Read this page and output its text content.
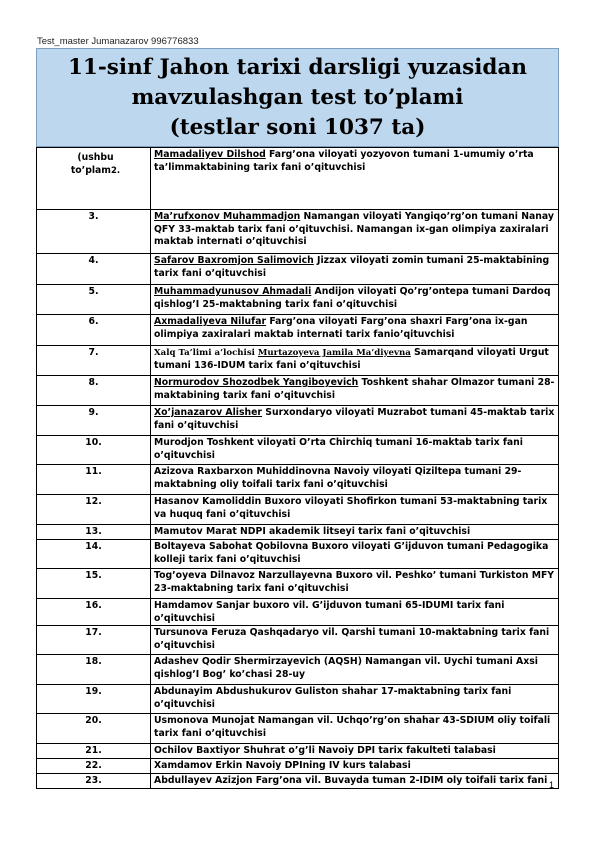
Test_master Jumanazarov 996776833
11-sinf Jahon tarixi darsligi yuzasidan
mavzulashgan test to’plami
(testlar soni 1037 ta)
(ushbu
to’plam2.	Mamadaliyev Dilshod Farg’ona viloyati yozyovon tumani 1-umumiy o’rta ta’limmaktabining tarix fani o’qituvchisi
3.	Ma’rufxonov Muhammadjon Namangan viloyati Yangiqo’rg’on tumani Nanay QFY 33-maktab tarix fani o’qituvchisi. Namangan ix-gan olimpiya zaxiralari maktab internati o’qituvchisi
4.	Safarov Baxromjon Salimovich Jizzax viloyati zomin tumani 25-maktabining tarix fani o’qituvchisi
5.	Muhammadyunusov Ahmadali Andijon viloyati Qo’rg’ontepa tumani Dardoq qishlog’I 25-maktabning tarix fani o’qituvchisi
6.	Axmadaliyeva Nilufar Farg’ona viloyati Farg’ona shaxri Farg’ona ix-gan olimpiya zaxiralari maktab internati tarix fanio’qituvchisi
7.	Xalq Ta’limi a’lochisi Murtazoyeva Jamila Ma’diyevna Samarqand viloyati Urgut tumani 136-IDUM tarix fani o’qituvchisi
8.	Normurodov Shozodbek Yangiboyevich Toshkent shahar Olmazor tumani 28-maktabining tarix fani o’qituvchisi
9.	Xo’janazarov Alisher Surxondaryo viloyati Muzrabot tumani 45-maktab tarix fani o’qituvchisi
10.	Murodjon Toshkent viloyati O’rta Chirchiq tumani 16-maktab tarix fani o’qituvchisi
11.	Azizova Raxbarxon Muhiddinovna Navoiy viloyati Qiziltepa tumani 29-maktabning oliy toifali tarix fani o’qituvchisi
12.	Hasanov Kamoliddin Buxoro viloyati Shofirkon tumani 53-maktabning tarix va huquq fani o’qituvchisi
13.	Mamutov Marat NDPI akademik litseyi tarix fani o’qituvchisi
14.	Boltayeva Sabohat Qobilovna Buxoro viloyati G’ijduvon tumani Pedagogika kolleji tarix fani o’qituvchisi
15.	Tog’oyeva Dilnavoz Narzullayevna Buxoro vil. Peshko’ tumani Turkiston MFY 23-maktabning tarix fani o’qituvchisi
16.	Hamdamov Sanjar buxoro vil. G’ijduvon tumani 65-IDUMI tarix fani o’qituvchisi
17.	Tursunova Feruza Qashqadaryo vil. Qarshi tumani 10-maktabning tarix fani o’qituvchisi
18.	Adashev Qodir Shermirzayevich (AQSH) Namangan vil. Uychi tumani Axsi qishlog’I Bog’ ko’chasi 28-uy
19.	Abdunayim Abdushukurov Guliston shahar 17-maktabning tarix fani o’qituvchisi
20.	Usmonova Munojat Namangan vil. Uchqo’rg’on shahar 43-SDIUM oliy toifali tarix fani o’qituvchisi
21.	Ochilov Baxtiyor Shuhrat o’g’li Navoiy DPI tarix fakulteti talabasi
22.	Xamdamov Erkin Navoiy DPIning IV kurs talabasi
23.	Abdullayev Azizjon Farg’ona vil. Buvayda tuman 2-IDIM oly toifali tarix fani 1
